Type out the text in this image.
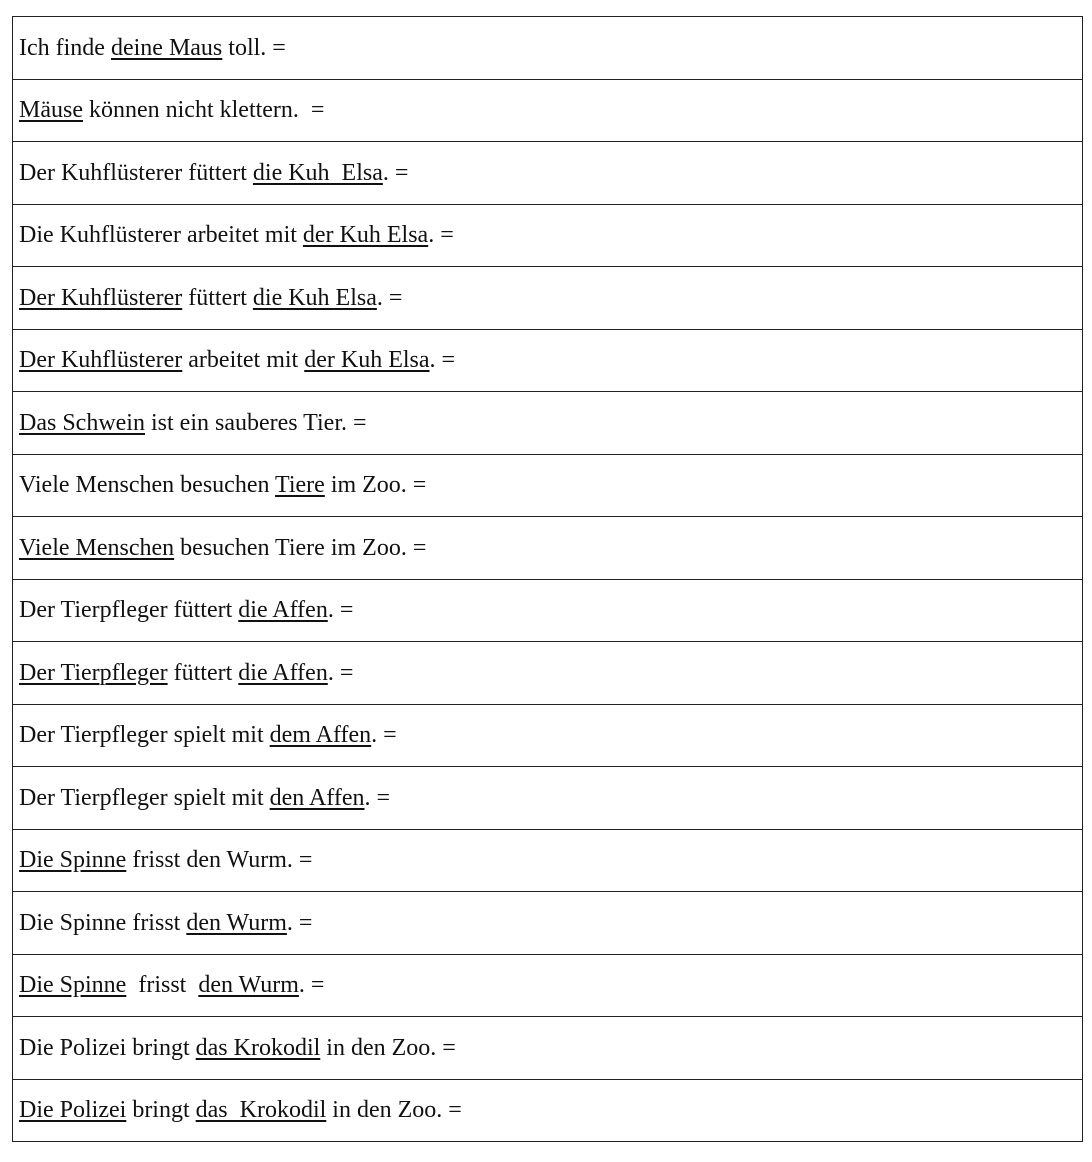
Ich finde deine Maus toll. =
Mäuse können nicht klettern.  =
Der Kuhflüsterer füttert die Kuh  Elsa. =
Die Kuhflüsterer arbeitet mit der Kuh Elsa. =
Der Kuhflüsterer füttert die Kuh Elsa. =
Der Kuhflüsterer arbeitet mit der Kuh Elsa. =
Das Schwein ist ein sauberes Tier. =
Viele Menschen besuchen Tiere im Zoo. =
Viele Menschen besuchen Tiere im Zoo. =
Der Tierpfleger füttert die Affen. =
Der Tierpfleger füttert die Affen. =
Der Tierpfleger spielt mit dem Affen. =
Der Tierpfleger spielt mit den Affen. =
Die Spinne frisst den Wurm. =
Die Spinne frisst den Wurm. =
Die Spinne  frisst  den Wurm. =
Die Polizei bringt das Krokodil in den Zoo. =
Die Polizei bringt das  Krokodil in den Zoo. =
